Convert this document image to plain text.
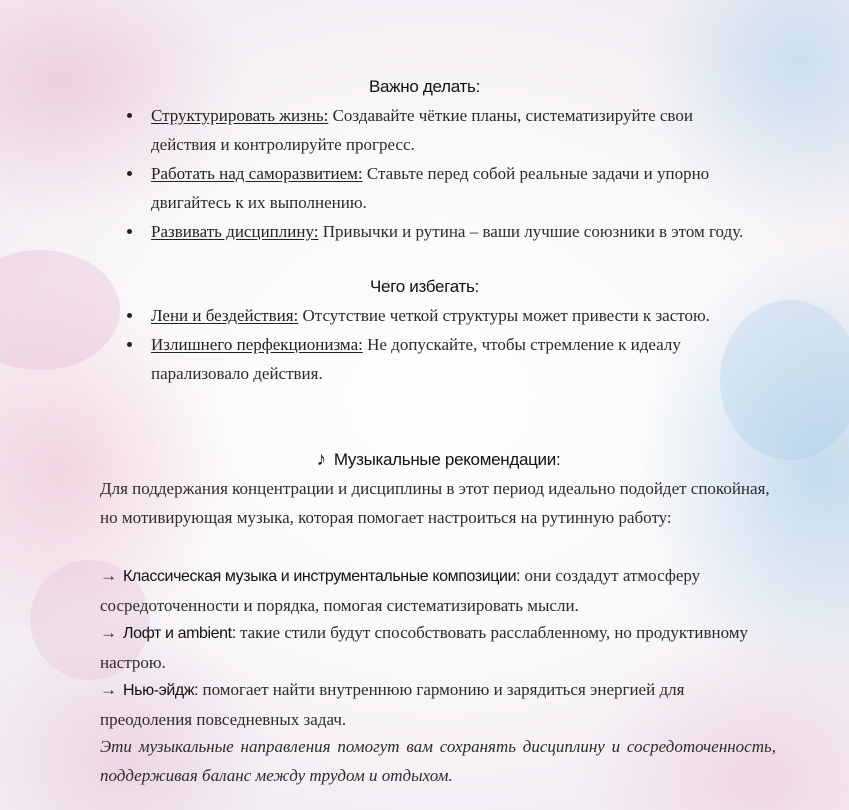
Важно делать:
Структурировать жизнь: Создавайте чёткие планы, систематизируйте свои действия и контролируйте прогресс.
Работать над саморазвитием: Ставьте перед собой реальные задачи и упорно двигайтесь к их выполнению.
Развивать дисциплину: Привычки и рутина – ваши лучшие союзники в этом году.
Чего избегать:
Лени и бездействия: Отсутствие четкой структуры может привести к застою.
Излишнего перфекционизма: Не допускайте, чтобы стремление к идеалу парализовало действия.
♪ Музыкальные рекомендации:
Для поддержания концентрации и дисциплины в этот период идеально подойдет спокойная, но мотивирующая музыка, которая помогает настроиться на рутинную работу:
→ Классическая музыка и инструментальные композиции: они создадут атмосферу сосредоточенности и порядка, помогая систематизировать мысли.
→ Лофт и ambient: такие стили будут способствовать расслабленному, но продуктивному настрою.
→ Нью-эйдж: помогает найти внутреннюю гармонию и зарядиться энергией для преодоления повседневных задач.
Эти музыкальные направления помогут вам сохранять дисциплину и сосредоточенность, поддерживая баланс между трудом и отдыхом.
